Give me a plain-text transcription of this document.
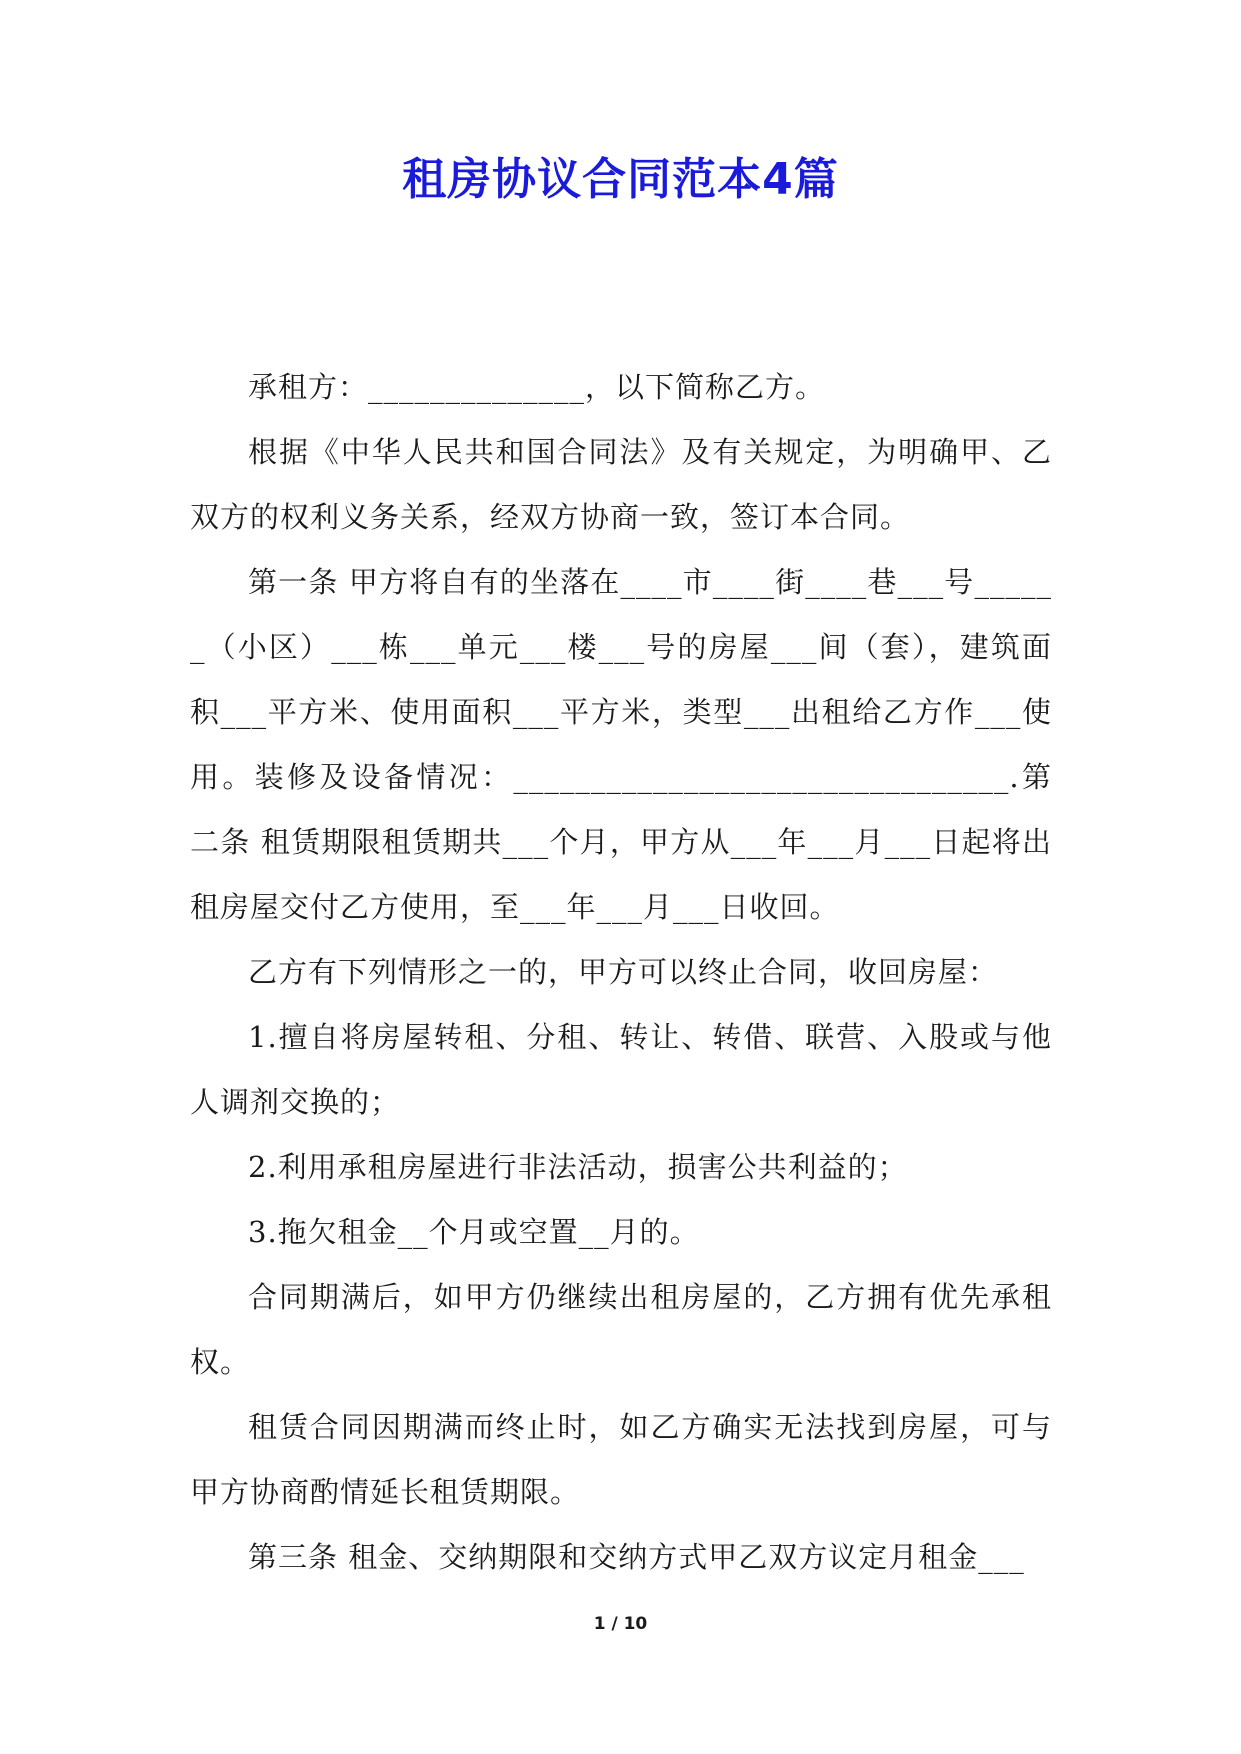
租房协议合同范本4篇

承租方：______________，以下简称乙方。

根据《中华人民共和国合同法》及有关规定，为明确甲、乙双方的权利义务关系，经双方协商一致，签订本合同。

第一条 甲方将自有的坐落在____市____街____巷___号______（小区）___栋___单元___楼___号的房屋___间（套），建筑面积___平方米、使用面积___平方米，类型___出租给乙方作___使用。装修及设备情况：________________________________.第二条 租赁期限租赁期共___个月，甲方从___年___月___日起将出租房屋交付乙方使用，至___年___月___日收回。

乙方有下列情形之一的，甲方可以终止合同，收回房屋：

1.擅自将房屋转租、分租、转让、转借、联营、入股或与他人调剂交换的；

2.利用承租房屋进行非法活动，损害公共利益的；

3.拖欠租金__个月或空置__月的。

合同期满后，如甲方仍继续出租房屋的，乙方拥有优先承租权。

租赁合同因期满而终止时，如乙方确实无法找到房屋，可与甲方协商酌情延长租赁期限。

第三条 租金、交纳期限和交纳方式甲乙双方议定月租金___

1 / 10
